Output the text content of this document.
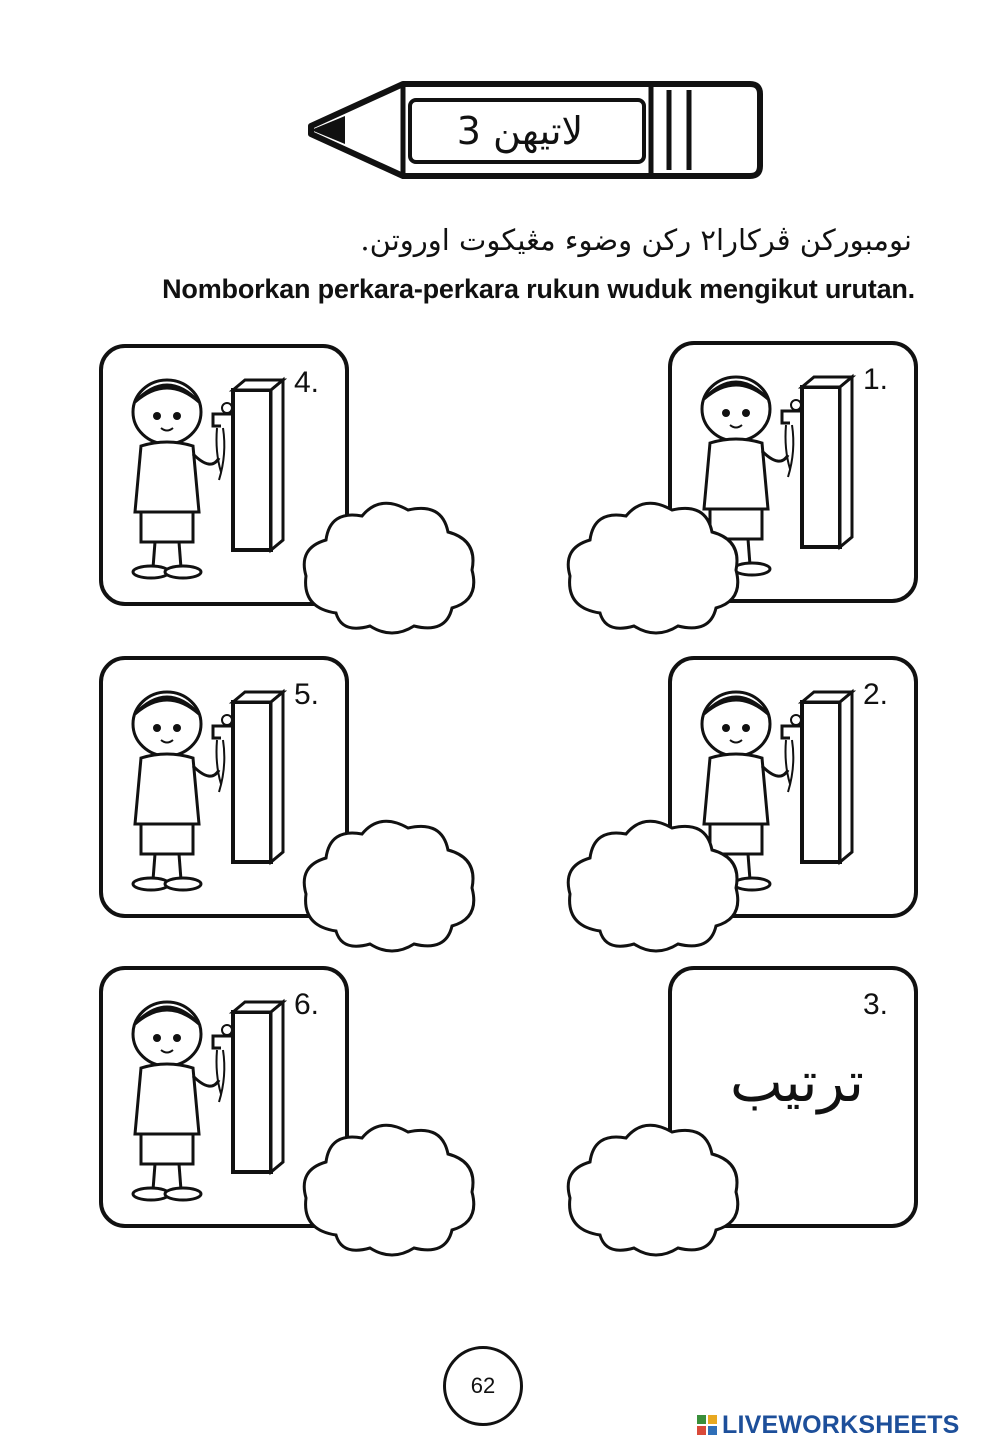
لاتيهن 3
نومبورکن ڤرکارا٢ رکن وضوء مڠيکوت اوروتن.
Nomborkan perkara-perkara rukun wuduk mengikut urutan.
.4	.1
.5	.2
.6	.3
ترتيب
62
LIVEWORKSHEETS
